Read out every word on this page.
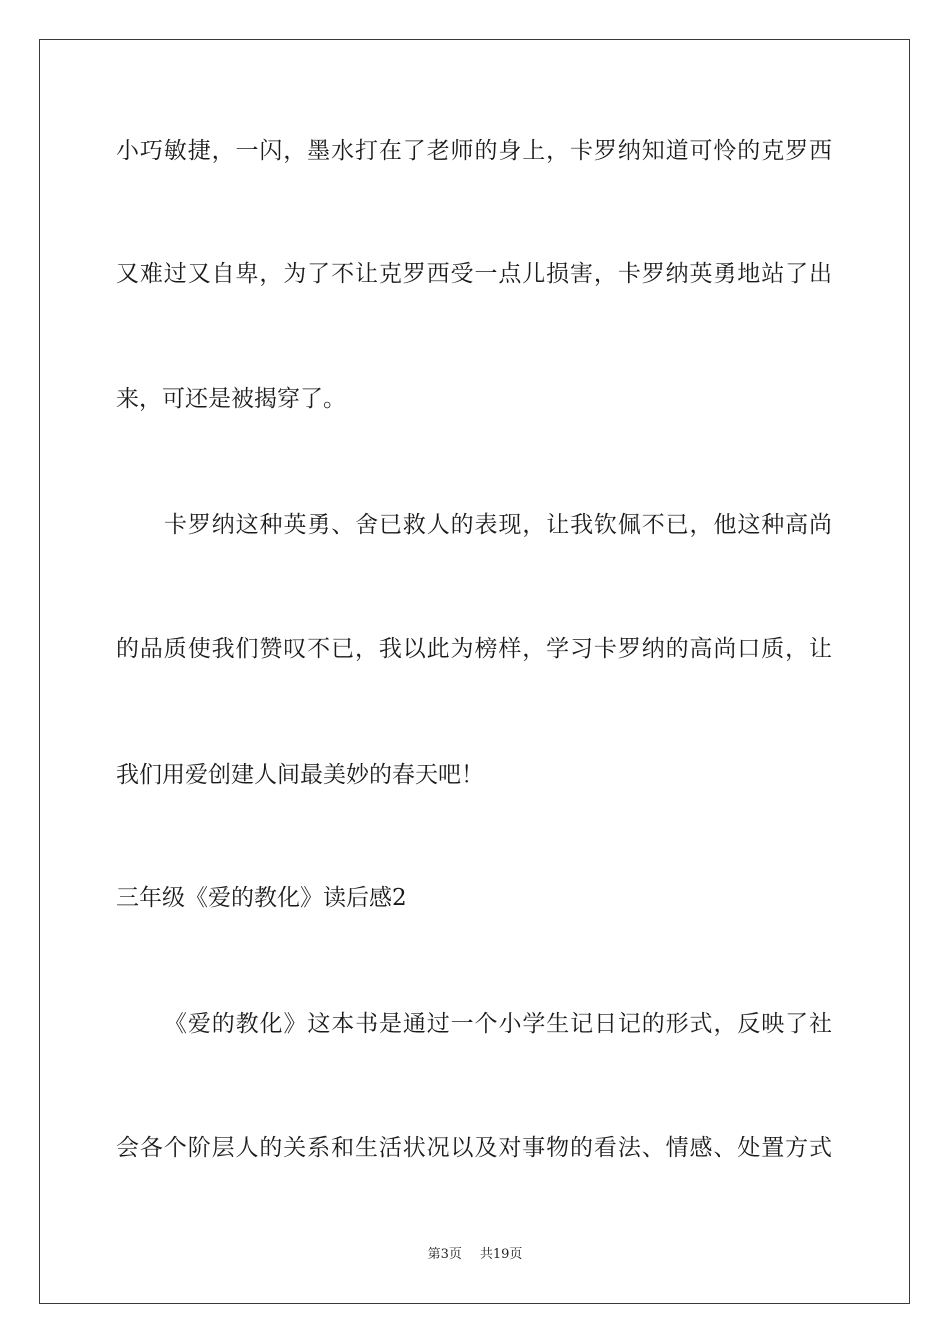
小巧敏捷，一闪，墨水打在了老师的身上，卡罗纳知道可怜的克罗西
又难过又自卑，为了不让克罗西受一点儿损害，卡罗纳英勇地站了出
来，可还是被揭穿了。
卡罗纳这种英勇、舍已救人的表现，让我钦佩不已，他这种高尚
的品质使我们赞叹不已，我以此为榜样，学习卡罗纳的高尚口质，让
我们用爱创建人间最美妙的春天吧！
三年级《爱的教化》读后感2
《爱的教化》这本书是通过一个小学生记日记的形式，反映了社
会各个阶层人的关系和生活状况以及对事物的看法、情感、处置方式
第3页 共19页
